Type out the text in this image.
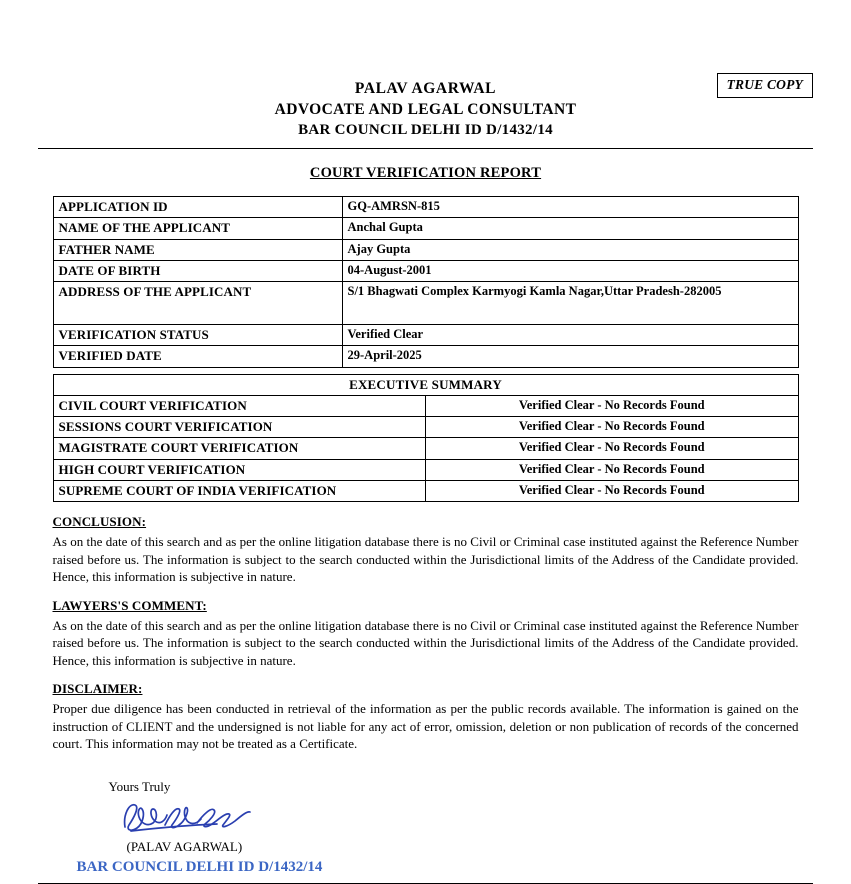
TRUE COPY
PALAV AGARWAL
ADVOCATE AND LEGAL CONSULTANT
BAR COUNCIL DELHI ID D/1432/14
COURT VERIFICATION REPORT
APPLICATION ID	GQ-AMRSN-815
NAME OF THE APPLICANT	Anchal Gupta
FATHER NAME	Ajay Gupta
DATE OF BIRTH	04-August-2001
ADDRESS OF THE APPLICANT	S/1 Bhagwati Complex Karmyogi Kamla Nagar,Uttar Pradesh-282005
VERIFICATION STATUS	Verified Clear
VERIFIED DATE	29-April-2025
EXECUTIVE SUMMARY	
CIVIL COURT VERIFICATION	Verified Clear - No Records Found
SESSIONS COURT VERIFICATION	Verified Clear - No Records Found
MAGISTRATE COURT VERIFICATION	Verified Clear - No Records Found
HIGH COURT VERIFICATION	Verified Clear - No Records Found
SUPREME COURT OF INDIA VERIFICATION	Verified Clear - No Records Found
CONCLUSION:
As on the date of this search and as per the online litigation database there is no Civil or Criminal case instituted against the Reference Number raised before us. The information is subject to the search conducted within the Jurisdictional limits of the Address of the Candidate provided. Hence, this information is subjective in nature.
LAWYERS'S COMMENT:
As on the date of this search and as per the online litigation database there is no Civil or Criminal case instituted against the Reference Number raised before us. The information is subject to the search conducted within the Jurisdictional limits of the Address of the Candidate provided. Hence, this information is subjective in nature.
DISCLAIMER:
Proper due diligence has been conducted in retrieval of the information as per the public records available. The information is gained on the instruction of CLIENT and the undersigned is not liable for any act of error, omission, deletion or non publication of records of the concerned court. This information may not be treated as a Certificate.
Yours Truly
(PALAV AGARWAL)
BAR COUNCIL DELHI ID D/1432/14
